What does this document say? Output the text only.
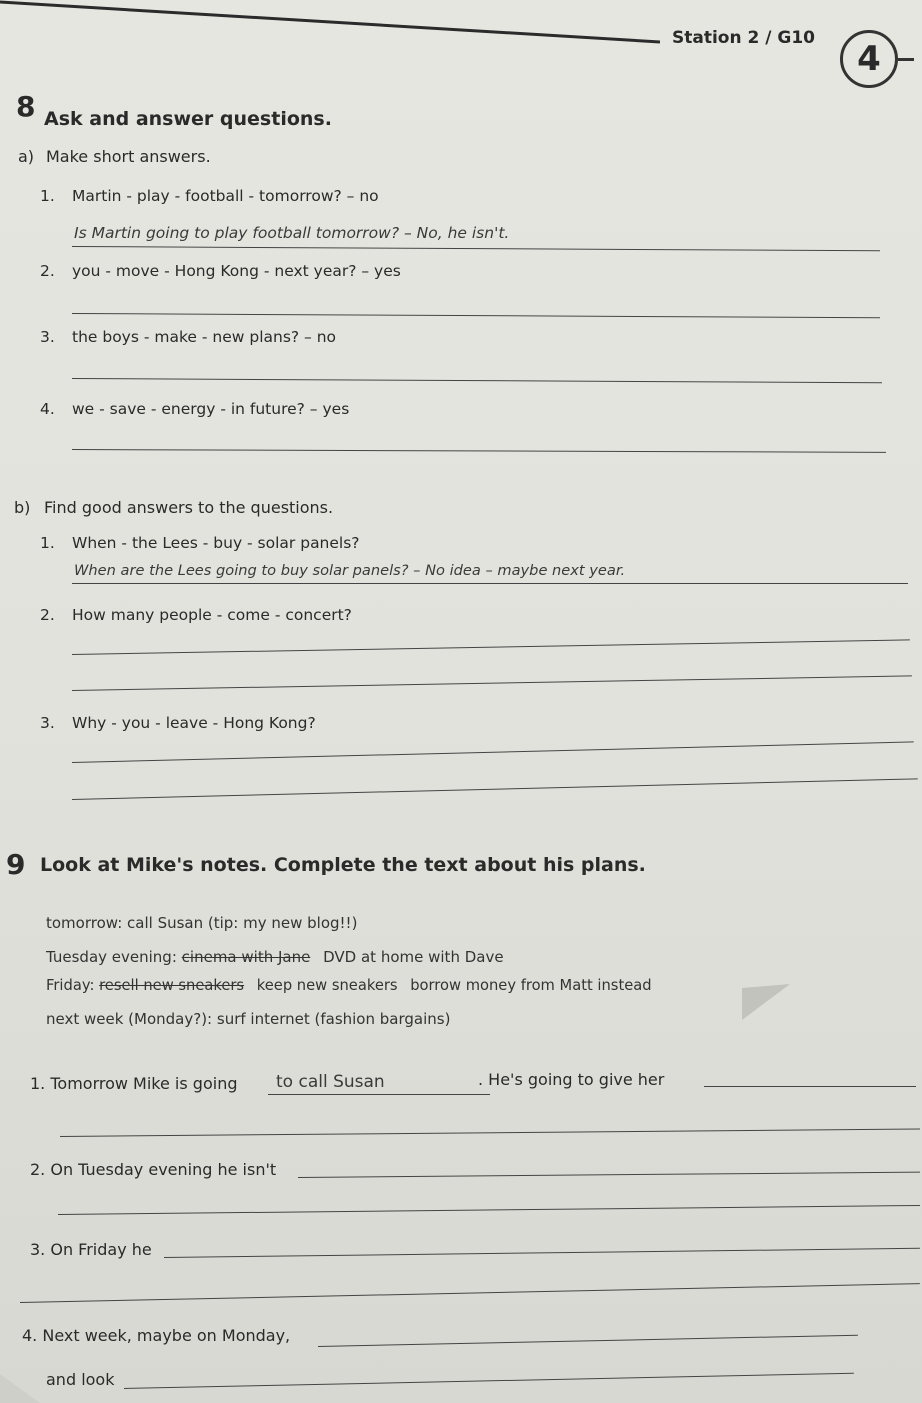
Station 2 / G10
4
8 Ask and answer questions.
a) Make short answers.
1. Martin - play - football - tomorrow? – no
Is Martin going to play football tomorrow? – No, he isn't.
2. you - move - Hong Kong - next year? – yes
3. the boys - make - new plans? – no
4. we - save - energy - in future? – yes
b) Find good answers to the questions.
1. When - the Lees - buy - solar panels?
When are the Lees going to buy solar panels? – No idea – maybe next year.
2. How many people - come - concert?
3. Why - you - leave - Hong Kong?
9 Look at Mike's notes. Complete the text about his plans.
tomorrow: call Susan (tip: my new blog!!)
Tuesday evening: cinema with Jane DVD at home with Dave
Friday: resell new sneakers keep new sneakers borrow money from Matt instead
next week (Monday?): surf internet (fashion bargains)
1. Tomorrow Mike is going to call Susan	. He's going to give her
2. On Tuesday evening he isn't
3. On Friday he
4. Next week, maybe on Monday,
and look
